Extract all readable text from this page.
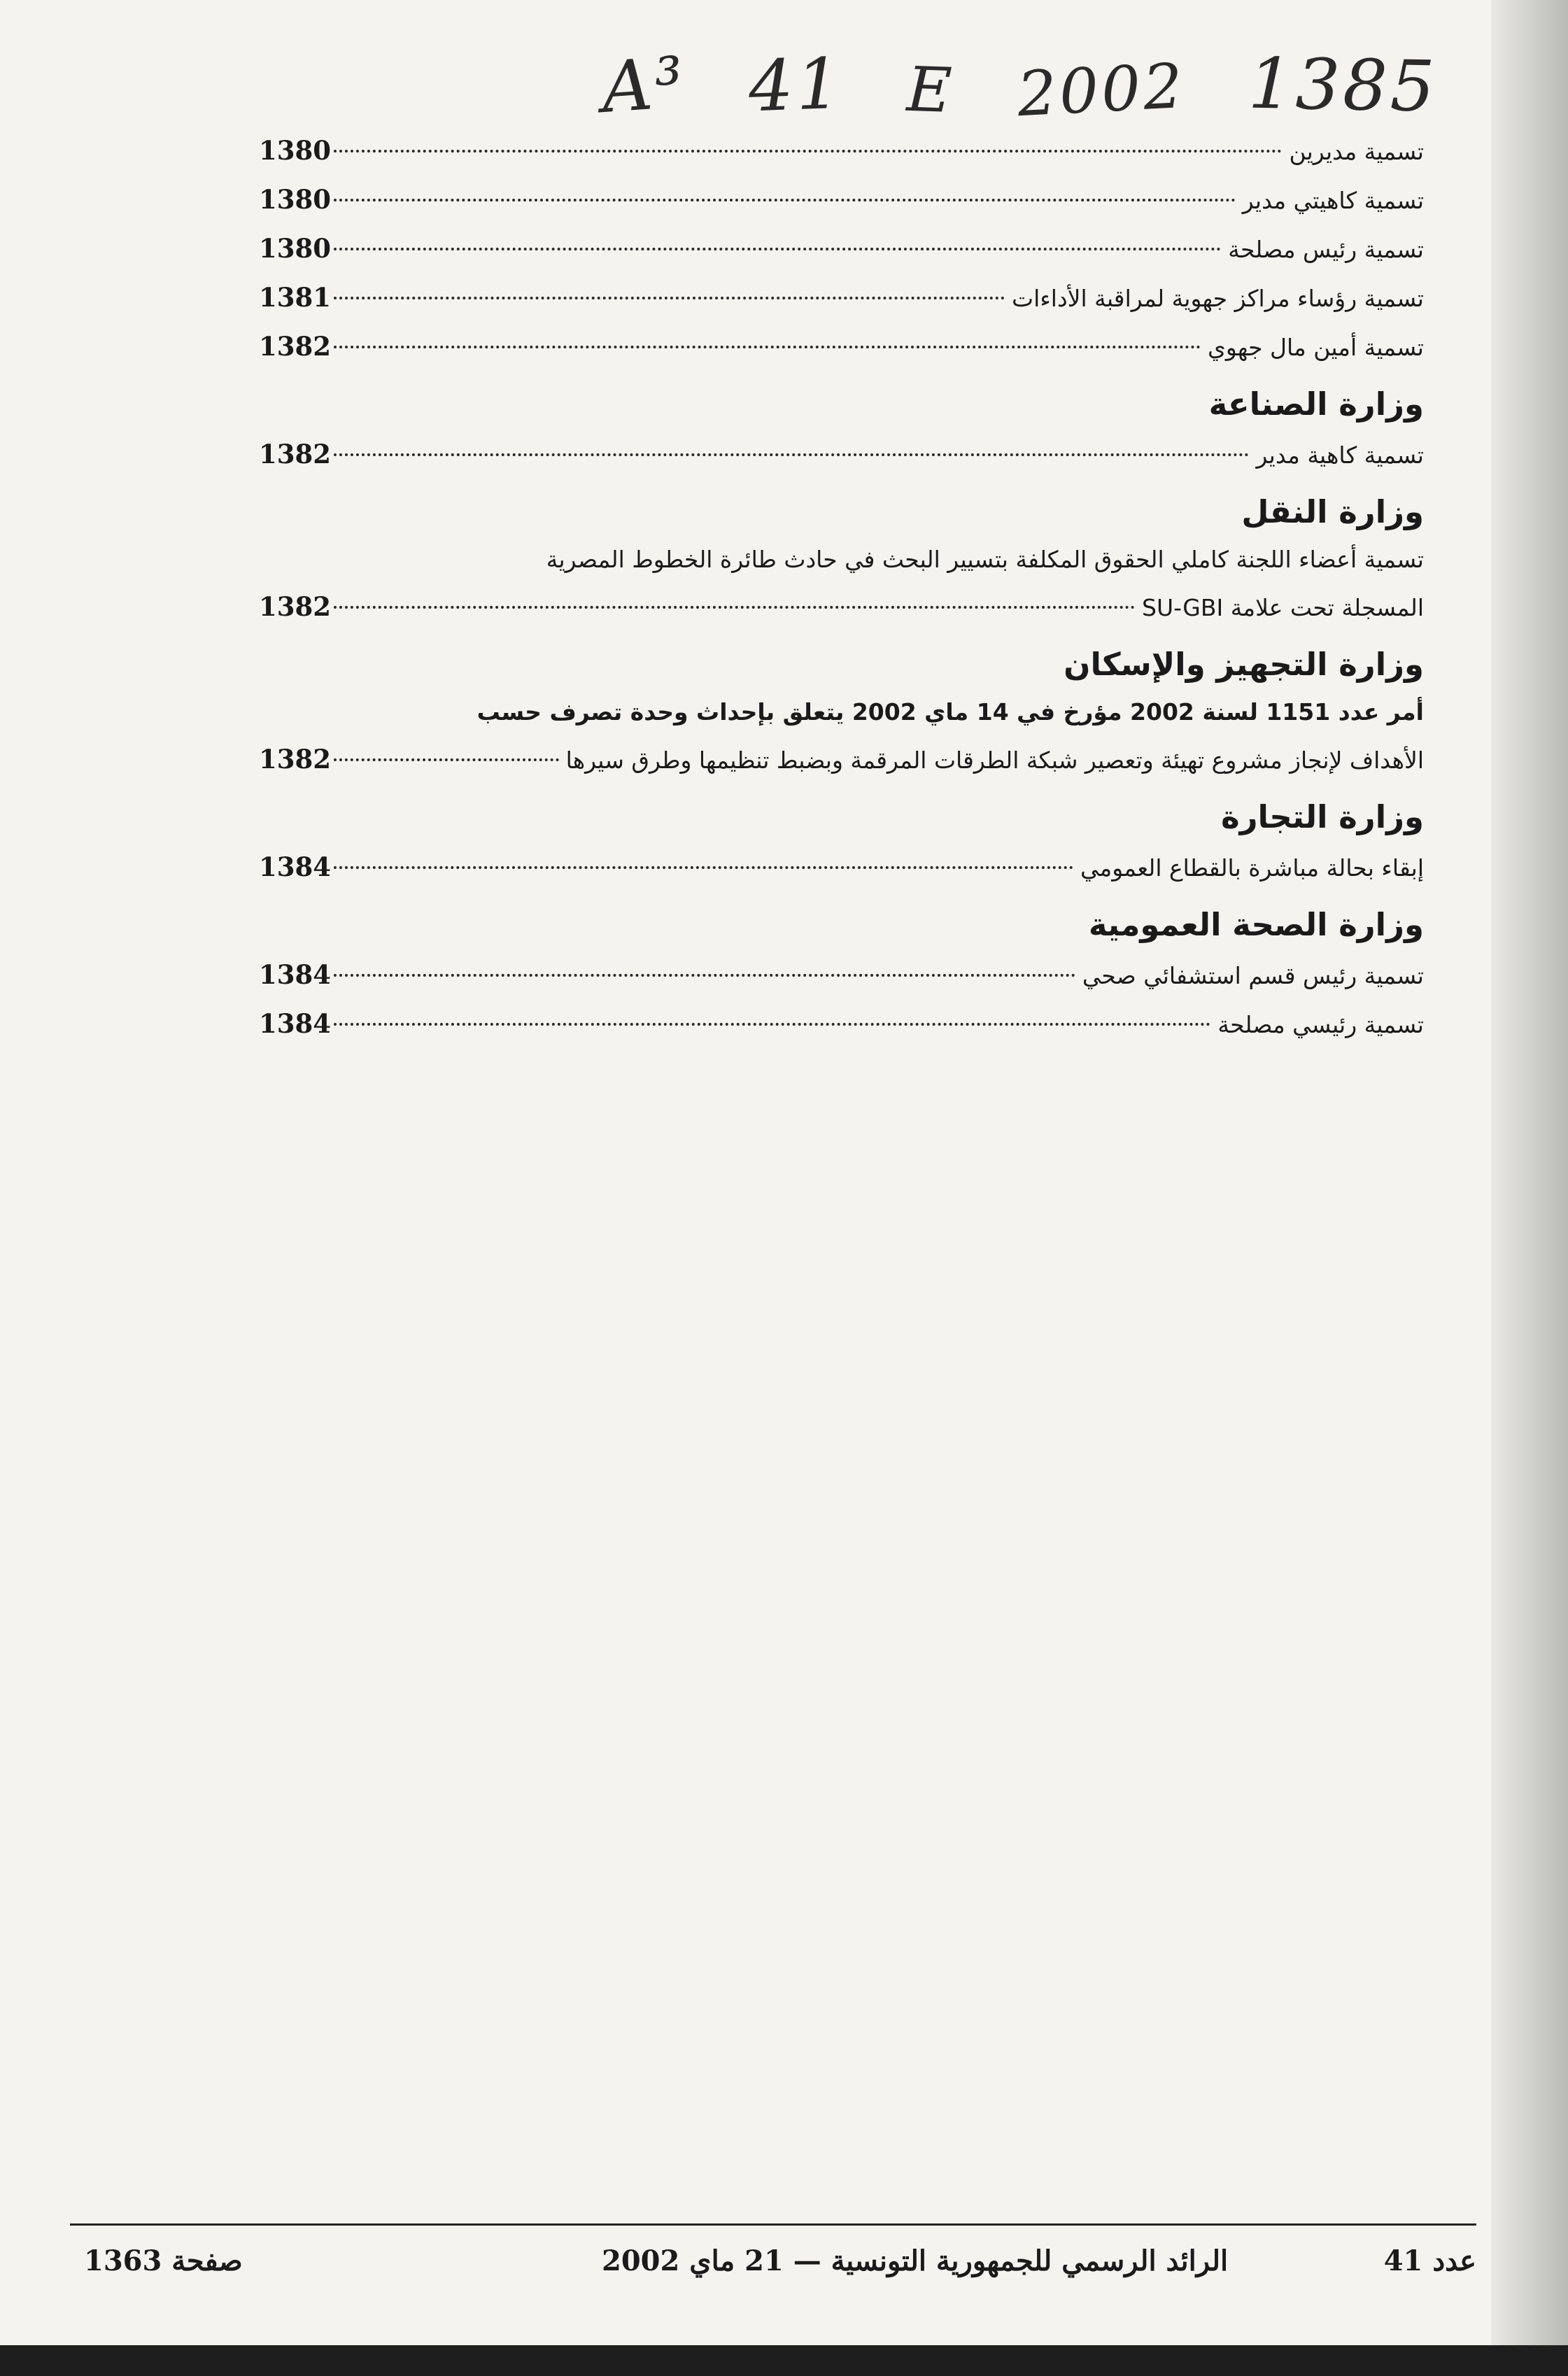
A³ 41 E 2002 1385
تسمية مديرين
1380
تسمية كاهيتي مدير
1380
تسمية رئيس مصلحة
1380
تسمية رؤساء مراكز جهوية لمراقبة الأداءات
1381
تسمية أمين مال جهوي
1382
وزارة الصناعة
تسمية كاهية مدير
1382
وزارة النقل
تسمية أعضاء اللجنة كاملي الحقوق المكلفة بتسيير البحث في حادث طائرة الخطوط المصرية
المسجلة تحت علامة SU-GBI
1382
وزارة التجهيز والإسكان
أمر عدد 1151 لسنة 2002 مؤرخ في 14 ماي 2002 يتعلق بإحداث وحدة تصرف حسب
الأهداف لإنجاز مشروع تهيئة وتعصير شبكة الطرقات المرقمة وبضبط تنظيمها وطرق سيرها
1382
وزارة التجارة
إبقاء بحالة مباشرة بالقطاع العمومي
1384
وزارة الصحة العمومية
تسمية رئيس قسم استشفائي صحي
1384
تسمية رئيسي مصلحة
1384
عدد 41
الرائد الرسمي للجمهورية التونسية — 21 ماي 2002
صفحة 1363
